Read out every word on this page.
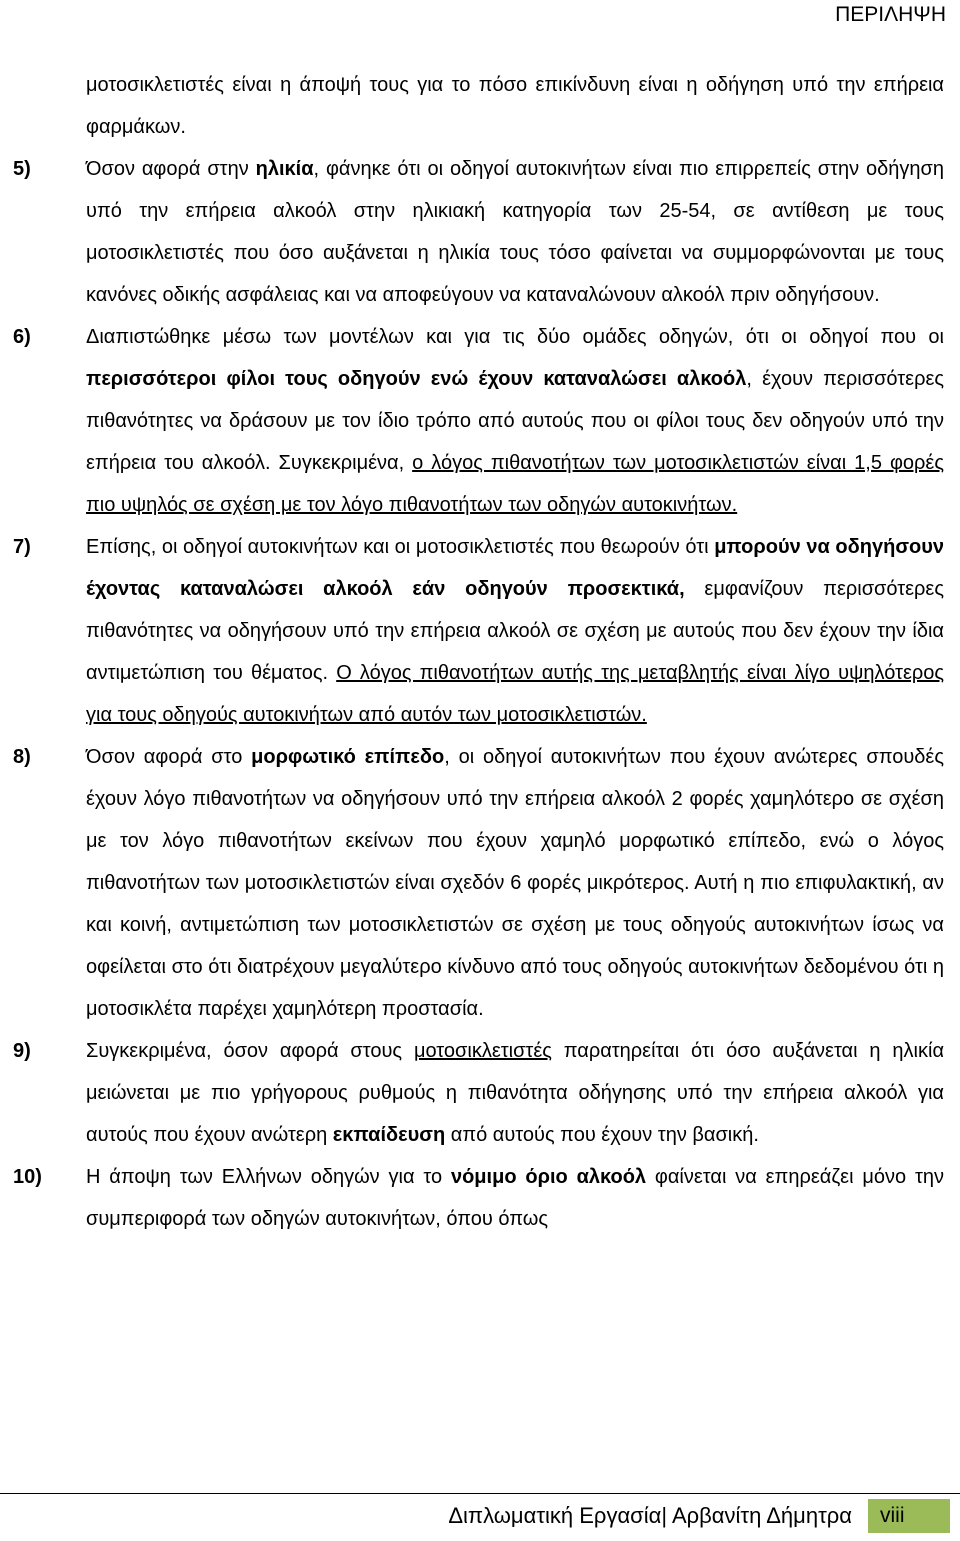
ΠΕΡΙΛΗΨΗ
μοτοσικλετιστές είναι η άποψή τους για το πόσο επικίνδυνη είναι η οδήγηση υπό την επήρεια φαρμάκων.
5)	Όσον αφορά στην ηλικία, φάνηκε ότι οι οδηγοί αυτοκινήτων είναι πιο επιρρεπείς στην οδήγηση υπό την επήρεια αλκοόλ στην ηλικιακή κατηγορία των 25-54, σε αντίθεση με τους μοτοσικλετιστές που όσο αυξάνεται η ηλικία τους τόσο φαίνεται να συμμορφώνονται με τους κανόνες οδικής ασφάλειας και να αποφεύγουν να καταναλώνουν αλκοόλ πριν οδηγήσουν.
6)	Διαπιστώθηκε μέσω των μοντέλων και για τις δύο ομάδες οδηγών, ότι οι οδηγοί που οι περισσότεροι φίλοι τους οδηγούν ενώ έχουν καταναλώσει αλκοόλ, έχουν περισσότερες πιθανότητες να δράσουν με τον ίδιο τρόπο από αυτούς που οι φίλοι τους δεν οδηγούν υπό την επήρεια του αλκοόλ. Συγκεκριμένα, ο λόγος πιθανοτήτων των μοτοσικλετιστών είναι 1,5 φορές πιο υψηλός σε σχέση με τον λόγο πιθανοτήτων των οδηγών αυτοκινήτων.
7)	Επίσης, οι οδηγοί αυτοκινήτων και οι μοτοσικλετιστές που θεωρούν ότι μπορούν να οδηγήσουν έχοντας καταναλώσει αλκοόλ εάν οδηγούν προσεκτικά, εμφανίζουν περισσότερες πιθανότητες να οδηγήσουν υπό την επήρεια αλκοόλ σε σχέση με αυτούς που δεν έχουν την ίδια αντιμετώπιση του θέματος. Ο λόγος πιθανοτήτων αυτής της μεταβλητής είναι λίγο υψηλότερος για τους οδηγούς αυτοκινήτων από αυτόν των μοτοσικλετιστών.
8)	Όσον αφορά στο μορφωτικό επίπεδο, οι οδηγοί αυτοκινήτων που έχουν ανώτερες σπουδές έχουν λόγο πιθανοτήτων να οδηγήσουν υπό την επήρεια αλκοόλ 2 φορές χαμηλότερο σε σχέση με τον λόγο πιθανοτήτων εκείνων που έχουν χαμηλό μορφωτικό επίπεδο, ενώ ο λόγος πιθανοτήτων των μοτοσικλετιστών είναι σχεδόν 6 φορές μικρότερος. Αυτή η πιο επιφυλακτική, αν και κοινή, αντιμετώπιση των μοτοσικλετιστών σε σχέση με τους οδηγούς αυτοκινήτων ίσως να οφείλεται στο ότι διατρέχουν μεγαλύτερο κίνδυνο από τους οδηγούς αυτοκινήτων δεδομένου ότι η μοτοσικλέτα παρέχει χαμηλότερη προστασία.
9)	Συγκεκριμένα, όσον αφορά στους μοτοσικλετιστές παρατηρείται ότι όσο αυξάνεται η ηλικία μειώνεται με πιο γρήγορους ρυθμούς η πιθανότητα οδήγησης υπό την επήρεια αλκοόλ για αυτούς που έχουν ανώτερη εκπαίδευση από αυτούς που έχουν την βασική.
10) Η άποψη των Ελλήνων οδηγών για το νόμιμο όριο αλκοόλ φαίνεται να επηρεάζει μόνο την συμπεριφορά των οδηγών αυτοκινήτων, όπου όπως
Διπλωματική Εργασία| Αρβανίτη Δήμητρα	viii
